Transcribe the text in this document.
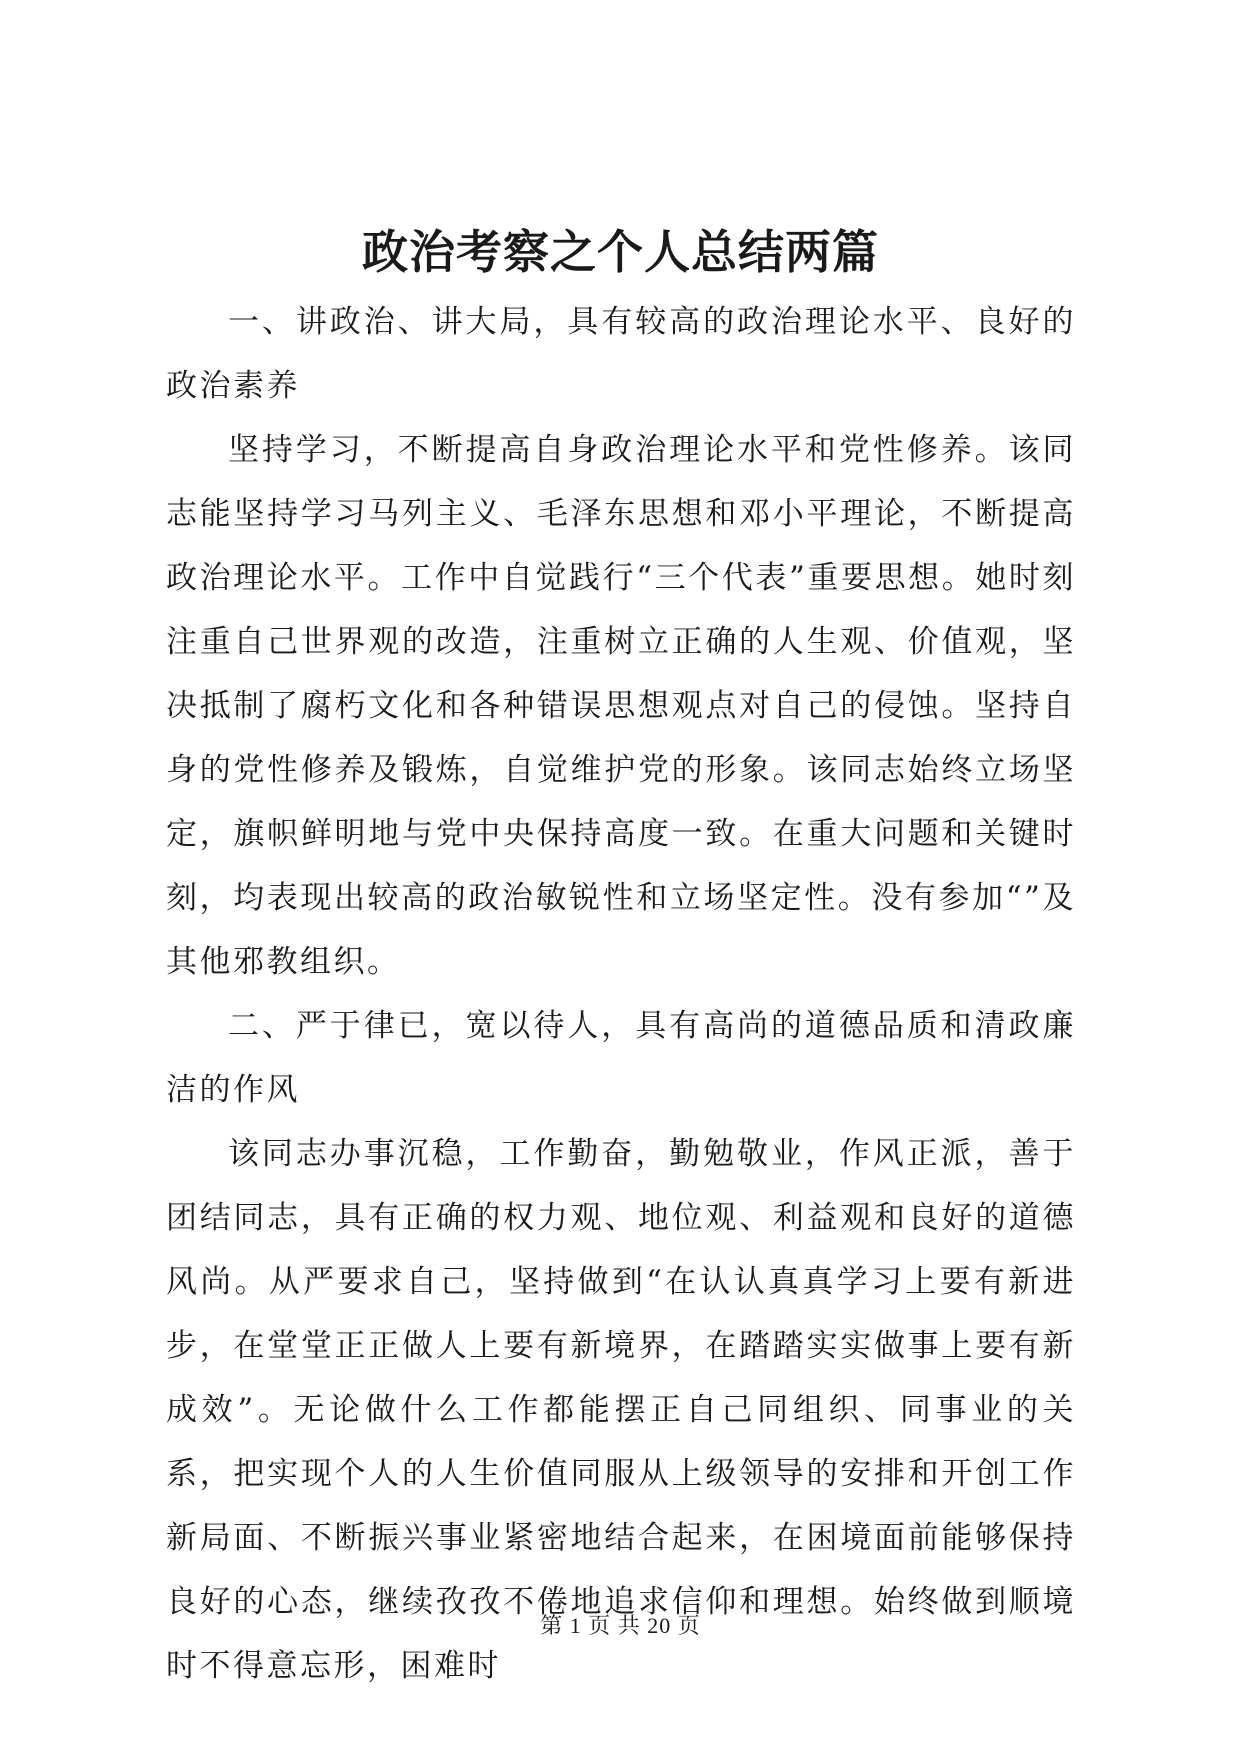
政治考察之个人总结两篇

一、讲政治、讲大局，具有较高的政治理论水平、良好的政治素养

坚持学习，不断提高自身政治理论水平和党性修养。该同志能坚持学习马列主义、毛泽东思想和邓小平理论，不断提高政治理论水平。工作中自觉践行“三个代表”重要思想。她时刻注重自己世界观的改造，注重树立正确的人生观、价值观，坚决抵制了腐朽文化和各种错误思想观点对自己的侵蚀。坚持自身的党性修养及锻炼，自觉维护党的形象。该同志始终立场坚定，旗帜鲜明地与党中央保持高度一致。在重大问题和关键时刻，均表现出较高的政治敏锐性和立场坚定性。没有参加“”及其他邪教组织。

二、严于律已，宽以待人，具有高尚的道德品质和清政廉洁的作风

该同志办事沉稳，工作勤奋，勤勉敬业，作风正派，善于团结同志，具有正确的权力观、地位观、利益观和良好的道德风尚。从严要求自己，坚持做到“在认认真真学习上要有新进步，在堂堂正正做人上要有新境界，在踏踏实实做事上要有新成效”。无论做什么工作都能摆正自己同组织、同事业的关系，把实现个人的人生价值同服从上级领导的安排和开创工作新局面、不断振兴事业紧密地结合起来，在困境面前能够保持良好的心态，继续孜孜不倦地追求信仰和理想。始终做到顺境时不得意忘形，困难时

第 1 页 共 20 页
